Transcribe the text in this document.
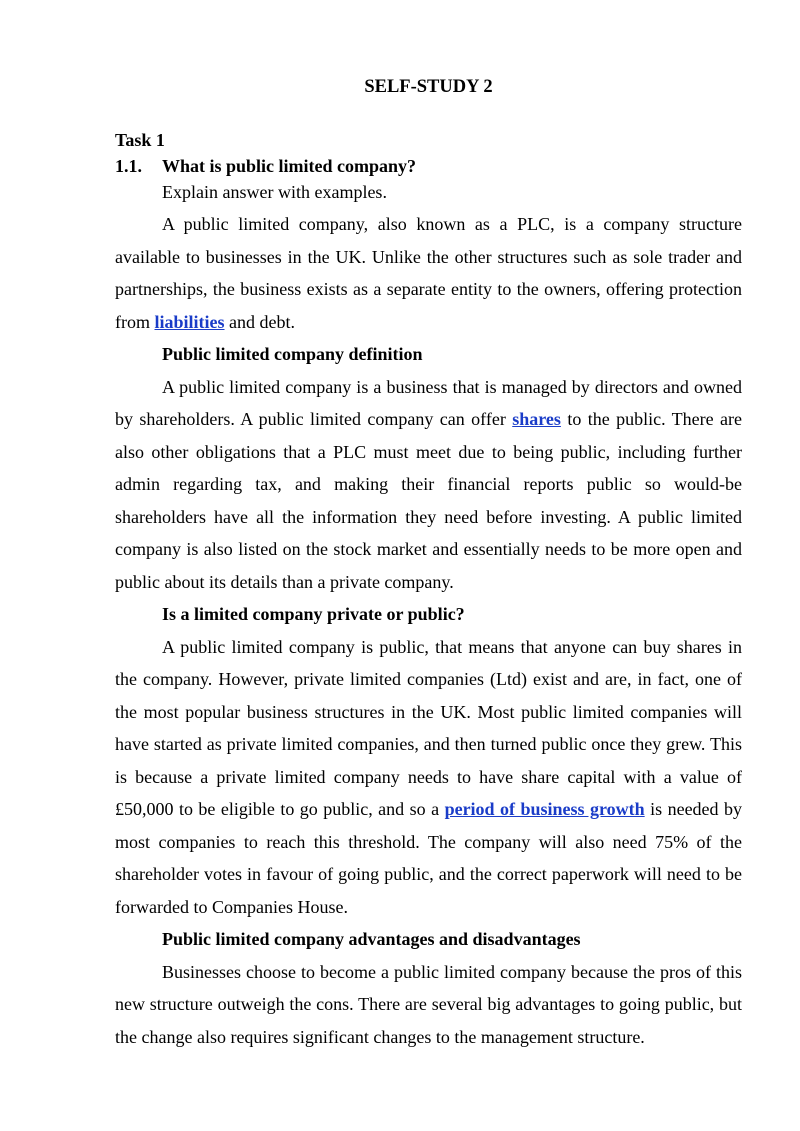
SELF-STUDY 2
Task 1
1.1. What is public limited company?
Explain answer with examples.

A public limited company, also known as a PLC, is a company structure available to businesses in the UK. Unlike the other structures such as sole trader and partnerships, the business exists as a separate entity to the owners, offering protection from liabilities and debt.

Public limited company definition

A public limited company is a business that is managed by directors and owned by shareholders. A public limited company can offer shares to the public. There are also other obligations that a PLC must meet due to being public, including further admin regarding tax, and making their financial reports public so would-be shareholders have all the information they need before investing. A public limited company is also listed on the stock market and essentially needs to be more open and public about its details than a private company.

Is a limited company private or public?

A public limited company is public, that means that anyone can buy shares in the company. However, private limited companies (Ltd) exist and are, in fact, one of the most popular business structures in the UK. Most public limited companies will have started as private limited companies, and then turned public once they grew. This is because a private limited company needs to have share capital with a value of £50,000 to be eligible to go public, and so a period of business growth is needed by most companies to reach this threshold. The company will also need 75% of the shareholder votes in favour of going public, and the correct paperwork will need to be forwarded to Companies House.

Public limited company advantages and disadvantages

Businesses choose to become a public limited company because the pros of this new structure outweigh the cons. There are several big advantages to going public, but the change also requires significant changes to the management structure.
